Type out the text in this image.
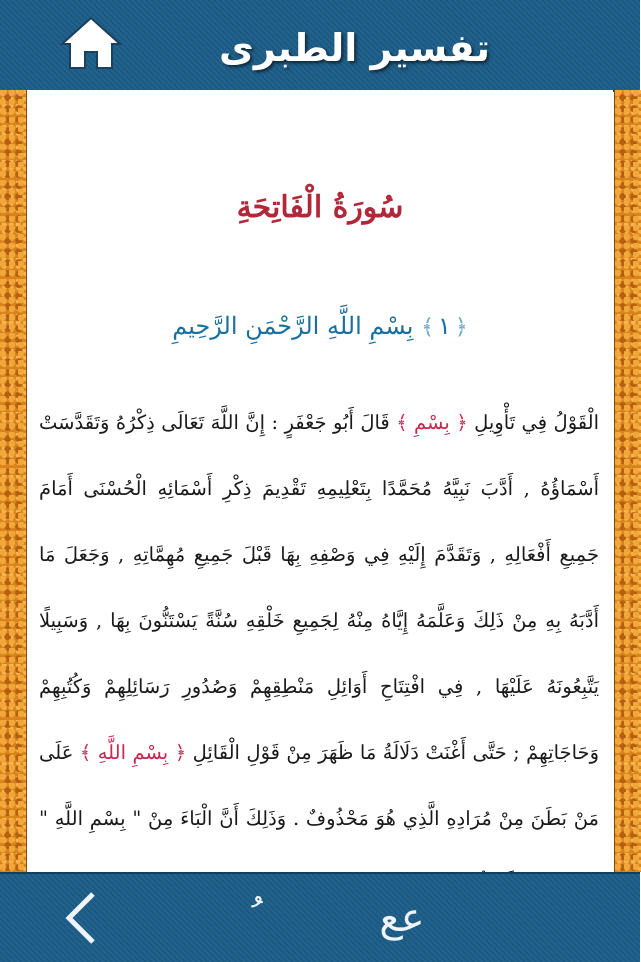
تفسير الطبرى
سُورَةُ الْفَاتِحَةِ
﴿١﴾ بِسْمِ اللَّهِ الرَّحْمَنِ الرَّحِيمِ
الْقَوْلُ فِي تَأْوِيلِ ﴿ بِسْمِ ﴾ قَالَ أَبُو جَعْفَرٍ : إِنَّ اللَّهَ تَعَالَى ذِكْرُهُ وَتَقَدَّسَتْ أَسْمَاؤُهُ , أَدَّبَ نَبِيَّهُ مُحَمَّدًا بِتَعْلِيمِهِ تَقْدِيمَ ذِكْرِ أَسْمَائِهِ الْحُسْنَى أَمَامَ جَمِيعِ أَفْعَالِهِ , وَتَقَدَّمَ إِلَيْهِ فِي وَصْفِهِ بِهَا قَبْلَ جَمِيعِ مُهِمَّاتِهِ , وَجَعَلَ مَا أَدَّبَهُ بِهِ مِنْ ذَلِكَ وَعَلَّمَهُ إِيَّاهُ مِنْهُ لِجَمِيعِ خَلْقِهِ سُنَّةً يَسْتَنُّونَ بِهَا , وَسَبِيلًا يَتَّبِعُونَهُ عَلَيْهَا , فِي افْتِتَاحِ أَوَائِلِ مَنْطِقِهِمْ وَصُدُورِ رَسَائِلِهِمْ وَكُتُبِهِمْ وَحَاجَاتِهِمْ ; حَتَّى أَغْنَتْ دَلَالَةُ مَا ظَهَرَ مِنْ قَوْلِ الْقَائِلِ ﴿ بِسْمِ اللَّهِ ﴾ عَلَى مَنْ بَطَنَ مِنْ مُرَادِهِ الَّذِي هُوَ مَحْذُوفٌ . وَذَلِكَ أَنَّ الْبَاءَ مِنْ " بِسْمِ اللَّهِ "
عع
